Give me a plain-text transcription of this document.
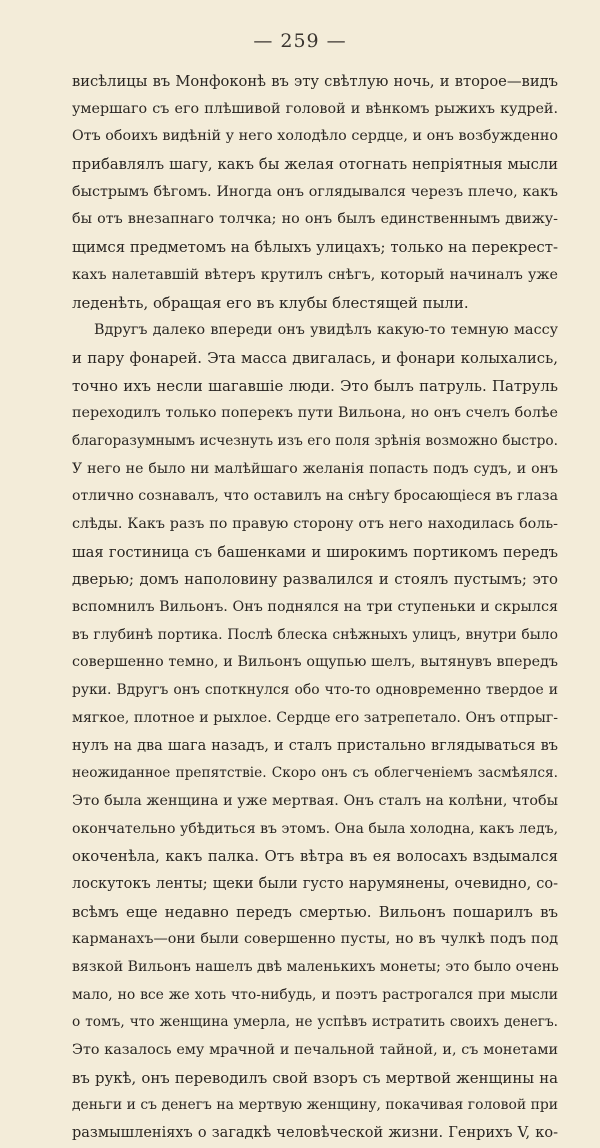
— 259 —
висѣлицы въ Монфоконѣ въ эту свѣтлую ночь, и второе—видъ
умершаго съ его плѣшивой головой и вѣнкомъ рыжихъ кудрей.
Отъ обоихъ видѣній у него холодѣло сердце, и онъ возбужденно
прибавлялъ шагу, какъ бы желая отогнать непріятныя мысли
быстрымъ бѣгомъ. Иногда онъ оглядывался черезъ плечо, какъ
бы отъ внезапнаго толчка; но онъ былъ единственнымъ движу-
щимся предметомъ на бѣлыхъ улицахъ; только на перекрест-
кахъ налетавшій вѣтеръ крутилъ снѣгъ, который начиналъ уже
леденѣть, обращая его въ клубы блестящей пыли.
Вдругъ далеко впереди онъ увидѣлъ какую-то темную массу
и пару фонарей. Эта масса двигалась, и фонари колыхались,
точно ихъ несли шагавшіе люди. Это былъ патруль. Патруль
переходилъ только поперекъ пути Вильона, но онъ счелъ болѣе
благоразумнымъ исчезнуть изъ его поля зрѣнія возможно быстро.
У него не было ни малѣйшаго желанія попасть подъ судъ, и онъ
отлично сознавалъ, что оставилъ на снѣгу бросающіеся въ глаза
слѣды. Какъ разъ по правую сторону отъ него находилась боль-
шая гостиница съ башенками и широкимъ портикомъ передъ
дверью; домъ наполовину развалился и стоялъ пустымъ; это
вспомнилъ Вильонъ. Онъ поднялся на три ступеньки и скрылся
въ глубинѣ портика. Послѣ блеска снѣжныхъ улицъ, внутри было
совершенно темно, и Вильонъ ощупью шелъ, вытянувъ впередъ
руки. Вдругъ онъ споткнулся обо что-то одновременно твердое и
мягкое, плотное и рыхлое. Сердце его затрепетало. Онъ отпрыг-
нулъ на два шага назадъ, и сталъ пристально вглядываться въ
неожиданное препятствіе. Скоро онъ съ облегченіемъ засмѣялся.
Это была женщина и уже мертвая. Онъ сталъ на колѣни, чтобы
окончательно убѣдиться въ этомъ. Она была холодна, какъ ледъ,
окоченѣла, какъ палка. Отъ вѣтра въ ея волосахъ вздымался
лоскутокъ ленты; щеки были густо нарумянены, очевидно, со-
всѣмъ еще недавно передъ смертью. Вильонъ пошарилъ въ
карманахъ—они были совершенно пусты, но въ чулкѣ подъ под
вязкой Вильонъ нашелъ двѣ маленькихъ монеты; это было очень
мало, но все же хоть что-нибудь, и поэтъ растрогался при мысли
о томъ, что женщина умерла, не успѣвъ истратить своихъ денегъ.
Это казалось ему мрачной и печальной тайной, и, съ монетами
въ рукѣ, онъ переводилъ свой взоръ съ мертвой женщины на
деньги и съ денегъ на мертвую женщину, покачивая головой при
размышленіяхъ о загадкѣ человѣческой жизни. Генрихъ V, ко-
